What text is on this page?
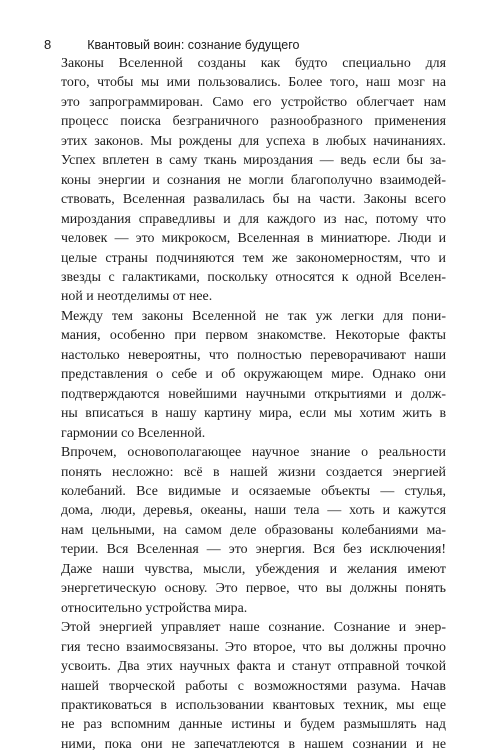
8	Квантовый воин: сознание будущего

Законы Вселенной созданы как будто специально для
того, чтобы мы ими пользовались. Более того, наш мозг на
это запрограммирован. Само его устройство облегчает нам
процесс поиска безграничного разнообразного применения
этих законов. Мы рождены для успеха в любых начинаниях.
Успех вплетен в саму ткань мироздания — ведь если бы за-
коны энергии и сознания не могли благополучно взаимодей-
ствовать, Вселенная развалилась бы на части. Законы всего
мироздания справедливы и для каждого из нас, потому что
человек — это микрокосм, Вселенная в миниатюре. Люди и
целые страны подчиняются тем же закономерностям, что и
звезды с галактиками, поскольку относятся к одной Вселен-
ной и неотделимы от нее.

Между тем законы Вселенной не так уж легки для пони-
мания, особенно при первом знакомстве. Некоторые факты
настолько невероятны, что полностью переворачивают наши
представления о себе и об окружающем мире. Однако они
подтверждаются новейшими научными открытиями и долж-
ны вписаться в нашу картину мира, если мы хотим жить в
гармонии со Вселенной.

Впрочем, основополагающее научное знание о реальности
понять несложно: всё в нашей жизни создается энергией
колебаний. Все видимые и осязаемые объекты — стулья,
дома, люди, деревья, океаны, наши тела — хоть и кажутся
нам цельными, на самом деле образованы колебаниями ма-
терии. Вся Вселенная — это энергия. Вся без исключения!
Даже наши чувства, мысли, убеждения и желания имеют
энергетическую основу. Это первое, что вы должны понять
относительно устройства мира.

Этой энергией управляет наше сознание. Сознание и энер-
гия тесно взаимосвязаны. Это второе, что вы должны прочно
усвоить. Два этих научных факта и станут отправной точкой
нашей творческой работы с возможностями разума. Начав
практиковаться в использовании квантовых техник, мы еще
не раз вспомним данные истины и будем размышлять над
ними, пока они не запечатлеются в нашем сознании и не
